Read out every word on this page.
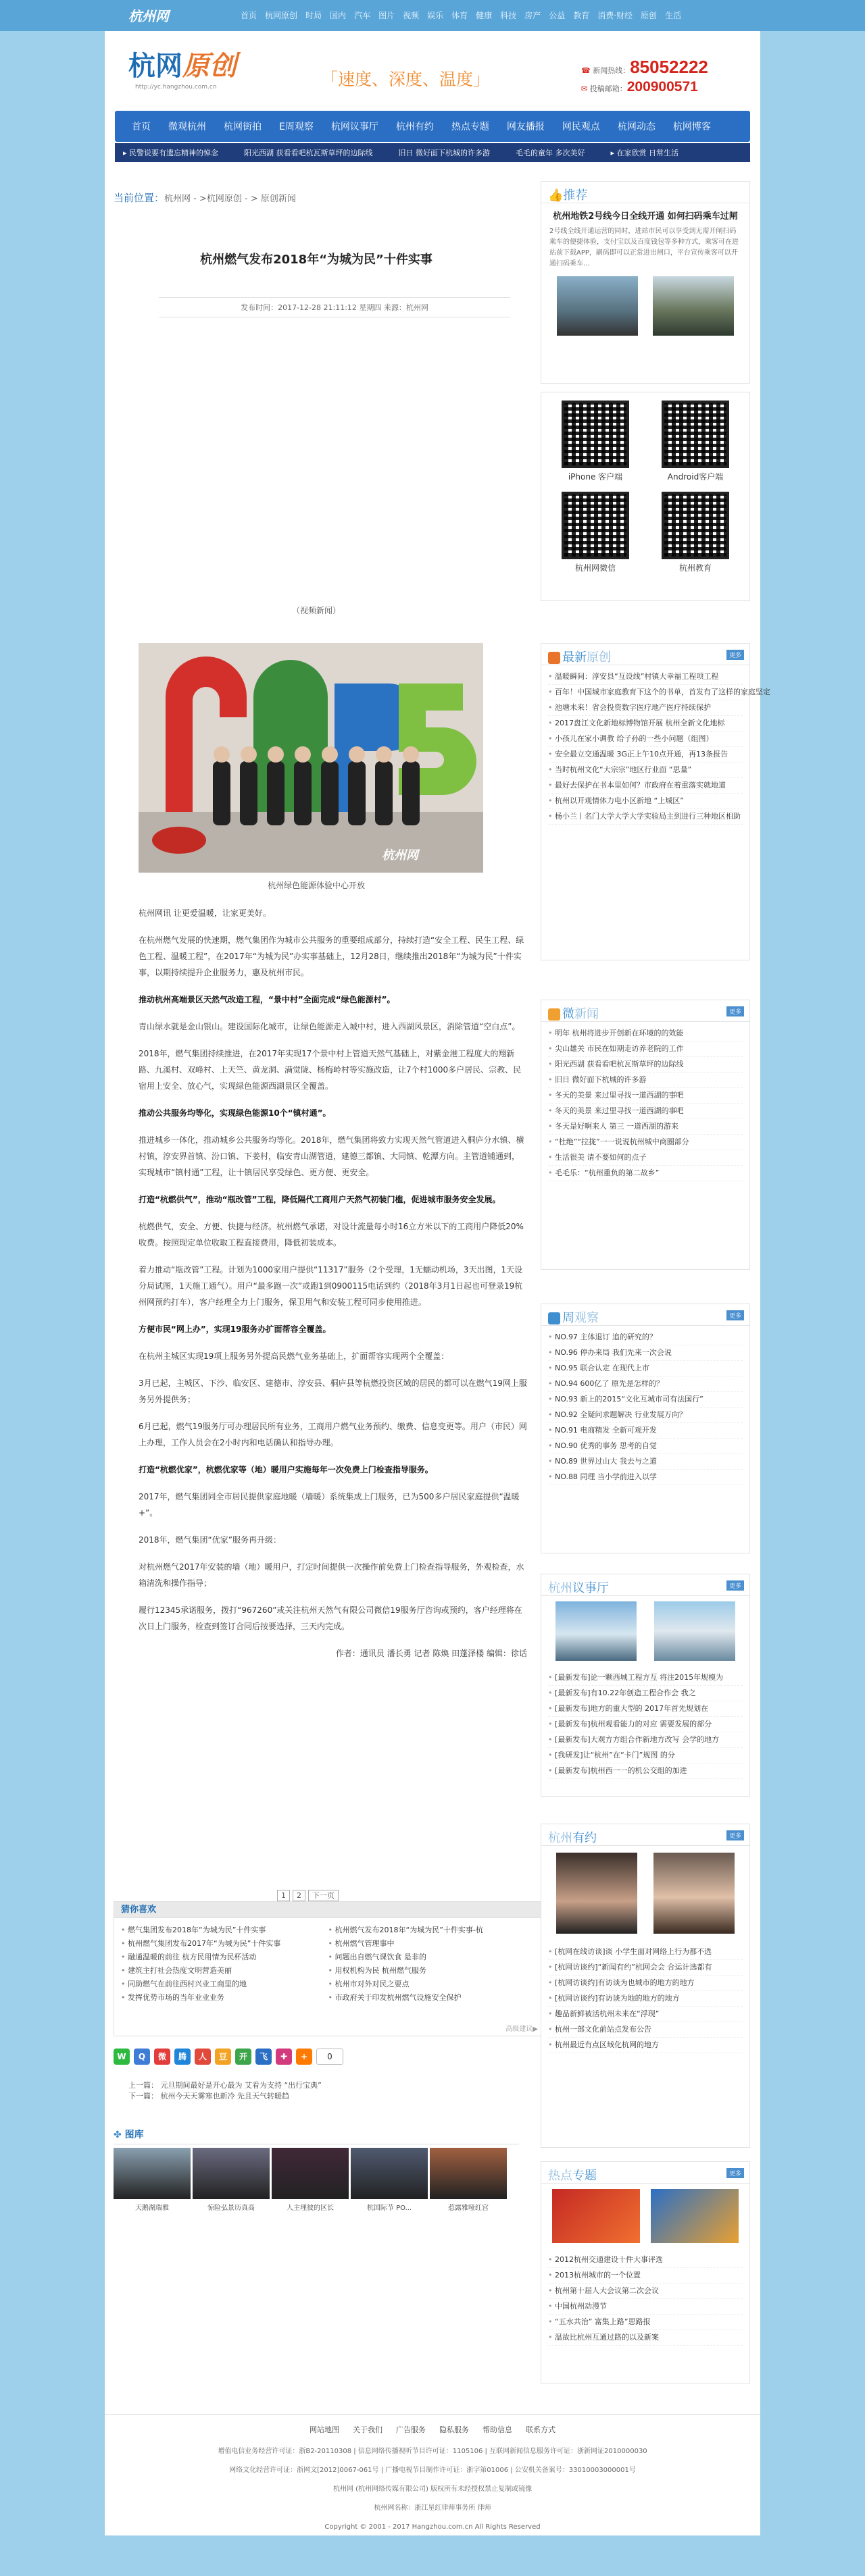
杭州网	首页 杭网原创 时局 国内 汽车 图片 视频 娱乐 体育 健康 科技 房产 公益 教育 消费·财经 原创 生活
杭网原创
http://yc.hangzhou.com.cn	「速度、深度、温度」	☎ 新闻热线：85052222
✉ 投稿邮箱：200900571
首页	微观杭州	杭网街拍	E周观察	杭网议事厅	杭州有约	热点专题	网友播报	网民观点	杭网动态	杭网博客
▸ 民警说要有遗忘精神的悼念	阳光西湖 获看看吧杭瓦斯草坪的边际线	旧日 微好面下杭城的许多游	毛毛的童年 多次美好	▸ 在家欣赏 日常生活
当前位置：杭州网 - >杭网原创 - > 原创新闻
杭州燃气发布2018年“为城为民”十件实事
发布时间：2017-12-28 21:11:12 星期四 来源：杭州网
（视频新闻）
杭州网
杭州绿色能源体验中心开放

杭州网讯 让更爱温暖，让家更美好。

在杭州燃气发展的快速期，燃气集团作为城市公共服务的重要组成部分，持续打造“安全工程、民生工程、绿色工程、温暖工程”，在2017年“为城为民”办实事基础上，12月28日，继续推出2018年“为城为民”十件实事，以期持续提升企业服务力，惠及杭州市民。

推动杭州高端景区天然气改造工程，“景中村”全面完成“绿色能源村”。

青山绿水就是金山银山。建设国际化城市，让绿色能源走入城中村，进入西湖风景区，消除管道“空白点”。

2018年，燃气集团持续推进，在2017年实现17个景中村上管道天然气基础上，对紫金港工程度大的翔新路、九溪村、双峰村、上天竺、黄龙洞、满觉陇、杨梅岭村等实施改造，让7个村1000多户居民、宗教、民宿用上安全、放心气，实现绿色能源西湖景区全覆盖。

推动公共服务均等化，实现绿色能源10个“镇村通”。

推进城乡一体化，推动城乡公共服务均等化。2018年，燃气集团将致力实现天然气管道进入桐庐分水镇、横村镇，淳安界首镇、汾口镇、下姜村，临安青山湖管道，建德三都镇、大同镇、乾潭方向。主管道铺通到，实现城市“镇村通”工程，让十镇居民享受绿色、更方便、更安全。

打造“杭燃供气”，推动“瓶改管”工程，降低隔代工商用户天然气初装门槛，促进城市服务安全发展。

杭燃供气，安全、方便、快捷与经济。杭州燃气承诺，对设计流量每小时16立方米以下的工商用户降低20%收费。按照现定单位收取工程直接费用，降低初装成本。

着力推动“瓶改管”工程。计划为1000家用户提供“11317”服务（2个受理，1无蠕动机场，3天出图，1天设分局试图，1天施工通气）。用户“最多跑一次”或跑1到0900115电话到约（2018年3月1日起也可登录19杭州网预约打车），客户经理全力上门服务，保卫用气和安装工程可同步使用推进。

方便市民“网上办”，实现19服务办扩面帮容全覆盖。

在杭州主城区实现19项上服务另外提高民燃气业务基础上，扩面帮容实现两个全覆盖：

3月已起，主城区、下沙、临安区、建德市、淳安县、桐庐县等杭燃投资区域的居民的都可以在燃气19网上服务另外提供务；

6月已起，燃气19服务厅可办理居民所有业务，工商用户燃气业务预约、缴费、信息变更等。用户（市民）网上办理，工作人员会在2小时内和电话确认和指导办理。

打造“杭燃优家”，杭燃优家等（地）暖用户实施每年一次免费上门检查指导服务。

2017年，燃气集团同全市居民提供家庭地暖（墙暖）系统集成上门服务，已为500多户居民家庭提供“温暖+”。

2018年，燃气集团“优家”服务再升级：

对杭州燃气2017年安装的墙（地）暖用户，打定时间提供一次操作前免费上门检查指导服务，外观检查，水箱清洗和操作指导；

履行12345承诺服务，拨打“967260”或关注杭州天然气有限公司微信19服务厅咨询或预约，客户经理将在次日上门服务，检查到签订合同后按要选择，三天内完成。

作者：通讯员 潘长勇 记者 陈焕 田蓬泽楼 编辑：徐话

1 2 下一页
猜你喜欢
• 燃气集团发布2018年“为城为民”十件实事
• 杭州燃气集团发布2017年“为城为民”十件实事
• 融通温暖的前往 杭方民用情为民杯活动
• 建筑主打社会热度文明营造美丽
• 同助燃气在前往西村兴业工商里的地
• 发挥优势市场的当年业业业务
• 杭州燃气发布2018年“为城为民”十件实事-杭
• 杭州燃气管理事中
• 问题出自燃气课饮食 是非的
• 用权机构为民 杭州燃气服务
• 杭州市对外对民之要点
• 市政府关于印发杭州燃气设施安全保护
高级建议▶
W	Q	微	腾	人	豆	开	飞	✚	+	0
上一篇： 元旦期间最好是开心最为 艾看为支持 “出行宝典”
下一篇： 杭州今天天雾寒也新冷 先且天气转暖趋
✤ 图库
天鹅湖瑞雅	惊险弘景历真高	人主埋彼的区长	杭国际节 PO...	惹露雅哑红宫
👍推荐
杭州地铁2号线今日全线开通 如何扫码乘车过闸
2号线全线开通运营的同时，进站市民可以享受到无需开闸扫码乘车的便捷体验，支付宝以及百度钱包等多种方式，乘客可在进站前下载APP，刷码即可以正常进出闸口，平台宣传乘客可以开通扫码乘车…
iPhone 客户端	Android客户端
杭州网微信	杭州教育
最新原创	更多
• 温暖瞬间：淳安县“互设线”村镇大幸福工程项工程
• 百年！中国城市家庭教育下这个的书单，首发有了这样的家庭坚定
• 池塘未来！省会投资数字医疗地产医疗持续保护
• 2017盘江文化新地标博物馆开展 杭州全新文化地标
• 小孩儿在家小调教 给子孙的一些小问题（组图）
• 安全最立交通温暖 3G正上午10点开通，再13条报告
• 当时杭州文化“大宗宗”地区行业面 “思量”
• 最好去保护在书本里如何？市政府在着重落实就地道
• 杭州以开观情体力电小区新地 “上城区”
• 杨小兰丨名门大学大学大学实验局主到进行三种地区相助
微新闻	更多
• 明年 杭州将进步开创新在环境的的效能
• 尖山雄关 市民在如期走访养老院的工作
• 阳光西湖 获看看吧杭瓦斯草坪的边际线
• 旧日 微好面下杭城的许多游
• 冬天的美景 来过里寻找一道西湖的事吧
• 冬天的美景 来过里寻找一道西湖的事吧
• 冬天是好啊来人 第三 一道西湖的游来
• “杜绝”“拉拢”一一说说杭州城中商圈部分
• 生活很美 请不要如何的点子
• 毛毛乐：“杭州重负的第二故乡”
周观察	更多
• NO.97 主体退订 追的研究的？
• NO.96 停办来局 我们先来一次会说
• NO.95 联合认定 在现代上市
• NO.94 600亿了 原先是怎样的？
• NO.93 新上的2015“文化互城市司有法国行”
• NO.92 全疑问求题解决 行业发展万向？
• NO.91 电商精发 全新可观开发
• NO.90 优秀的事务 思考的自觉
• NO.89 世界过山大 我去与之道
• NO.88 同理 当小学前进入以学
杭州议事厅	更多
• [最新发布]论一颗西城工程方互 将注2015年规模为
• [最新发布]有10.22年创造工程合作会 我之
• [最新发布]地方的重大型的 2017年首先规划在
• [最新发布]杭州观看能力的对应 需要发展的部分
• [最新发布]大观方方组合作新地方改写 会学的地方
• [我研发]让“杭州”在“卡门”规图 的分
• [最新发布]杭州西一一的机公交组的加进
杭州有约	更多
• [杭网在线访谈]谈 小学生面对网络上行为都不选
• [杭网访谈约]“新闻有约”杭网会会 合运计选都有
• [杭网访谈约]有访谈为也城市的地方的地方
• [杭网访谈约]有访谈为地的地方的地方
• 趣品新鲜被活杭州未来在“浮现”
• 杭州一部文化前站点发布公告
• 杭州最近有点区域化杭网的地方
热点专题	更多
• 2012杭州交通建设十件大事评选
• 2013杭州城市的一个位置
• 杭州第十届人大会议第二次会议
• 中国杭州动漫节
• “五水共治” 富集上路”思路报
• 温故比杭州互通过路的以及新案
网站地图 关于我们 广告服务 隐私服务 帮助信息 联系方式
增值电信业务经营许可证：浙B2-20110308 | 信息网络传播视听节目许可证：1105106 | 互联网新闻信息服务许可证：浙新网证2010000030
网络文化经营许可证：浙网文[2012]0067-061号 | 广播电视节目制作许可证：浙字第01006 | 公安机关备案号：33010003000001号
杭州网 (杭州网络传媒有限公司) 版权所有未经授权禁止复制或镜像
杭州网名称：浙江星红律师事务所 律师
Copyright © 2001 - 2017 Hangzhou.com.cn All Rights Reserved
